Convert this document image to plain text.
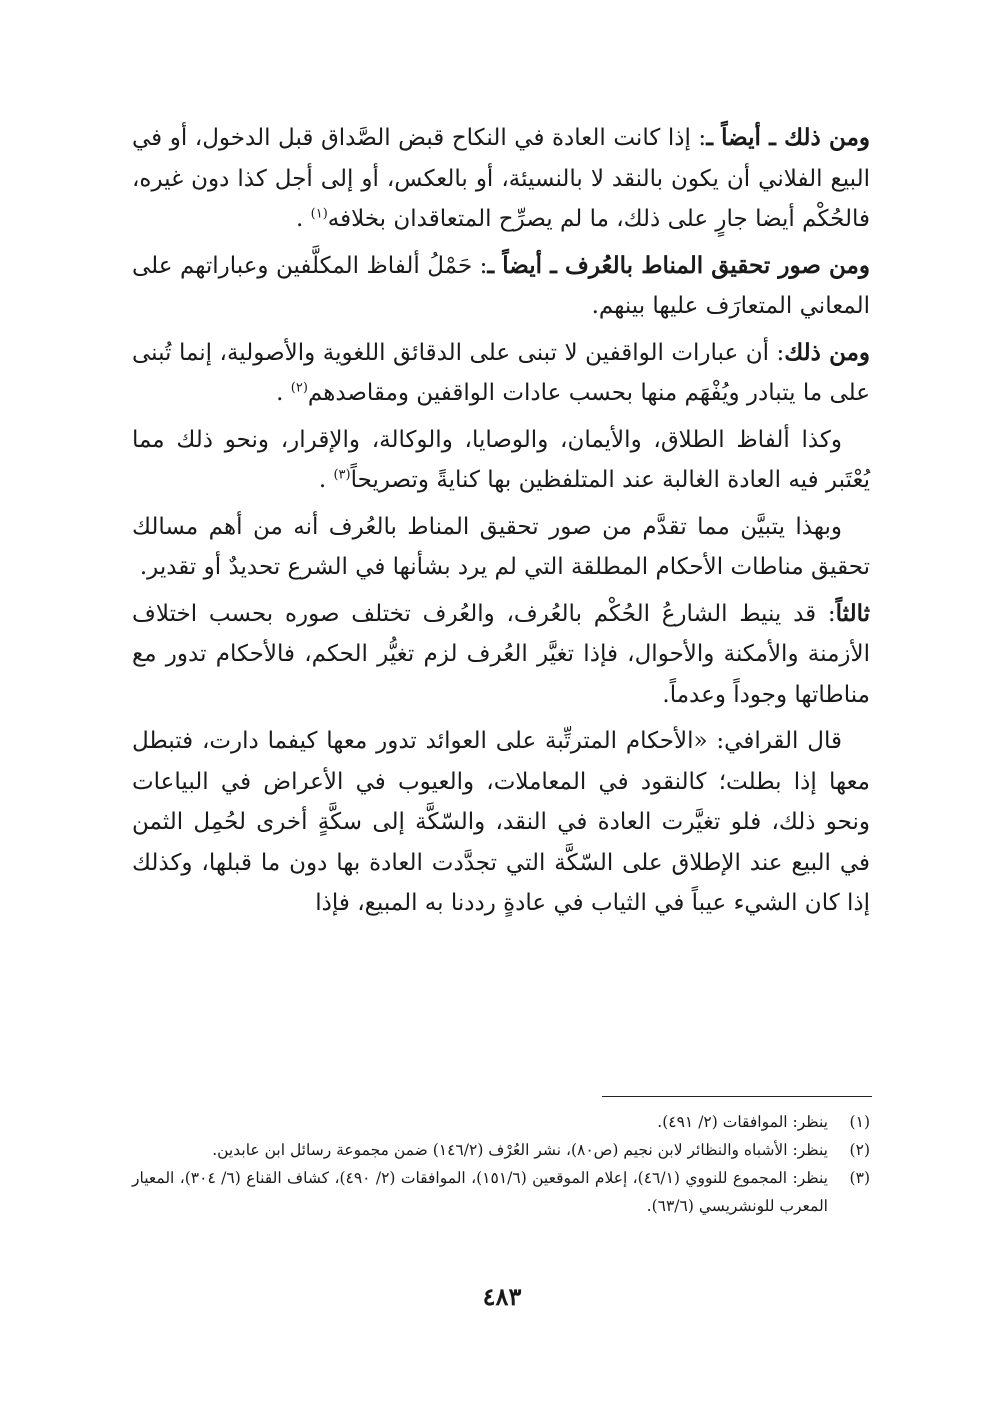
ومن ذلك ـ أيضاً ـ: إذا كانت العادة في النكاح قبض الصَّداق قبل الدخول، أو في البيع الفلاني أن يكون بالنقد لا بالنسيئة، أو بالعكس، أو إلى أجل كذا دون غيره، فالحُكْم أيضا جارٍ على ذلك، ما لم يصرِّح المتعاقدان بخلافه$^{(١)}$ .

ومن صور تحقيق المناط بالعُرف ـ أيضاً ـ: حَمْلُ ألفاظ المكلَّفين وعباراتهم على المعاني المتعارَف عليها بينهم.

ومن ذلك: أن عبارات الواقفين لا تبنى على الدقائق اللغوية والأصولية، إنما تُبنى على ما يتبادر ويُفْهَم منها بحسب عادات الواقفين ومقاصدهم$^{(٢)}$ .

وكذا ألفاظ الطلاق، والأيمان، والوصايا، والوكالة، والإقرار، ونحو ذلك مما يُعْتَبر فيه العادة الغالبة عند المتلفظين بها كنايةً وتصريحاً$^{(٣)}$ .

وبهذا يتبيَّن مما تقدَّم من صور تحقيق المناط بالعُرف أنه من أهم مسالك تحقيق مناطات الأحكام المطلقة التي لم يرد بشأنها في الشرع تحديدٌ أو تقدير.

ثالثاً: قد ينيط الشارعُ الحُكْم بالعُرف، والعُرف تختلف صوره بحسب اختلاف الأزمنة والأمكنة والأحوال، فإذا تغيَّر العُرف لزم تغيُّر الحكم، فالأحكام تدور مع مناطاتها وجوداً وعدماً.

قال القرافي: «الأحكام المترتِّبة على العوائد تدور معها كيفما دارت، فتبطل معها إذا بطلت؛ كالنقود في المعاملات، والعيوب في الأعراض في البياعات ونحو ذلك، فلو تغيَّرت العادة في النقد، والسّكَّة إلى سكَّةٍ أخرى لحُمِل الثمن في البيع عند الإطلاق على السّكَّة التي تجدَّدت العادة بها دون ما قبلها، وكذلك إذا كان الشيء عيباً في الثياب في عادةٍ رددنا به المبيع، فإذا

(١)
ينظر: الموافقات (٢/ ٤٩١).
(٢)
ينظر: الأشباه والنظائر لابن نجيم (ص٨٠)، نشر العُرْف (١٤٦/٢) ضمن مجموعة رسائل ابن عابدين.
(٣)
ينظر: المجموع للنووي (٤٦/١)، إعلام الموقعين (١٥١/٦)، الموافقات (٢/ ٤٩٠)، كشاف القناع (٦/ ٣٠٤)، المعيار المعرب للونشريسي (٦٣/٦).
٤٨٣
